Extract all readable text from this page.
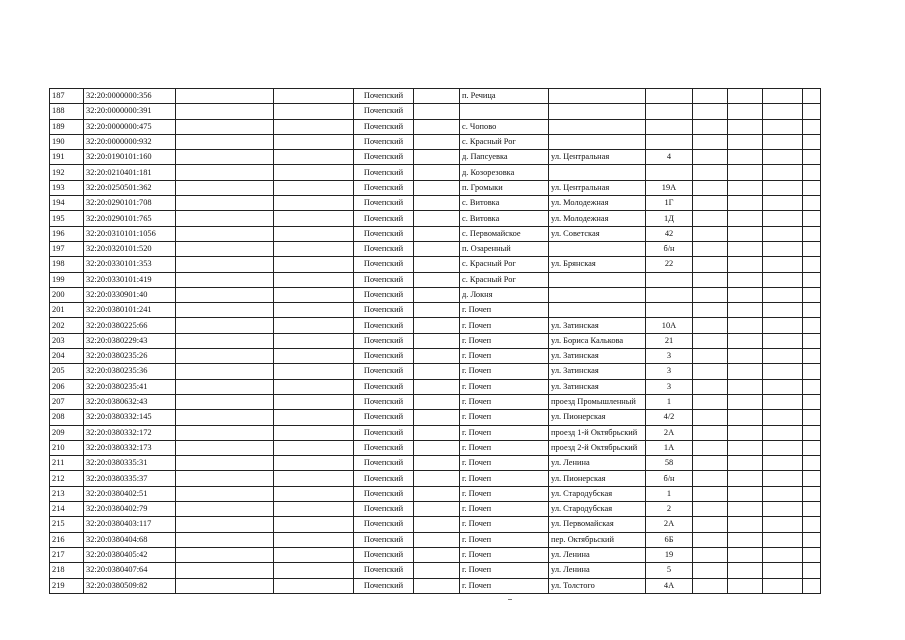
187	32:20:0000000:356			Почепский		п. Речица						
188	32:20:0000000:391			Почепский								
189	32:20:0000000:475			Почепский		с. Чопово						
190	32:20:0000000:932			Почепский		с. Красный Рог						
191	32:20:0190101:160			Почепский		д. Папсуевка	ул. Центральная	4				
192	32:20:0210401:181			Почепский		д. Козорезовка						
193	32:20:0250501:362			Почепский		п. Громыки	ул. Центральная	19А				
194	32:20:0290101:708			Почепский		с. Витовка	ул. Молодежная	1Г				
195	32:20:0290101:765			Почепский		с. Витовка	ул. Молодежная	1Д				
196	32:20:0310101:1056			Почепский		с. Первомайское	ул. Советская	42				
197	32:20:0320101:520			Почепский		п. Озаренный		б/н				
198	32:20:0330101:353			Почепский		с. Красный Рог	ул. Брянская	22				
199	32:20:0330101:419			Почепский		с. Красный Рог						
200	32:20:0330901:40			Почепский		д. Локня						
201	32:20:0380101:241			Почепский		г. Почеп						
202	32:20:0380225:66			Почепский		г. Почеп	ул. Затинская	10А				
203	32:20:0380229:43			Почепский		г. Почеп	ул. Бориса Калькова	21				
204	32:20:0380235:26			Почепский		г. Почеп	ул. Затинская	3				
205	32:20:0380235:36			Почепский		г. Почеп	ул. Затинская	3				
206	32:20:0380235:41			Почепский		г. Почеп	ул. Затинская	3				
207	32:20:0380632:43			Почепский		г. Почеп	проезд Промышленный	1				
208	32:20:0380332:145			Почепский		г. Почеп	ул. Пионерская	4/2				
209	32:20:0380332:172			Почепский		г. Почеп	проезд 1-й Октябрьский	2А				
210	32:20:0380332:173			Почепский		г. Почеп	проезд 2-й Октябрьский	1А				
211	32:20:0380335:31			Почепский		г. Почеп	ул. Ленина	58				
212	32:20:0380335:37			Почепский		г. Почеп	ул. Пионерская	б/н				
213	32:20:0380402:51			Почепский		г. Почеп	ул. Стародубская	1				
214	32:20:0380402:79			Почепский		г. Почеп	ул. Стародубская	2				
215	32:20:0380403:117			Почепский		г. Почеп	ул. Первомайская	2А				
216	32:20:0380404:68			Почепский		г. Почеп	пер. Октябрьский	6Б				
217	32:20:0380405:42			Почепский		г. Почеп	ул. Ленина	19				
218	32:20:0380407:64			Почепский		г. Почеп	ул. Ленина	5				
219	32:20:0380509:82			Почепский		г. Почеп	ул. Толстого	4А				
